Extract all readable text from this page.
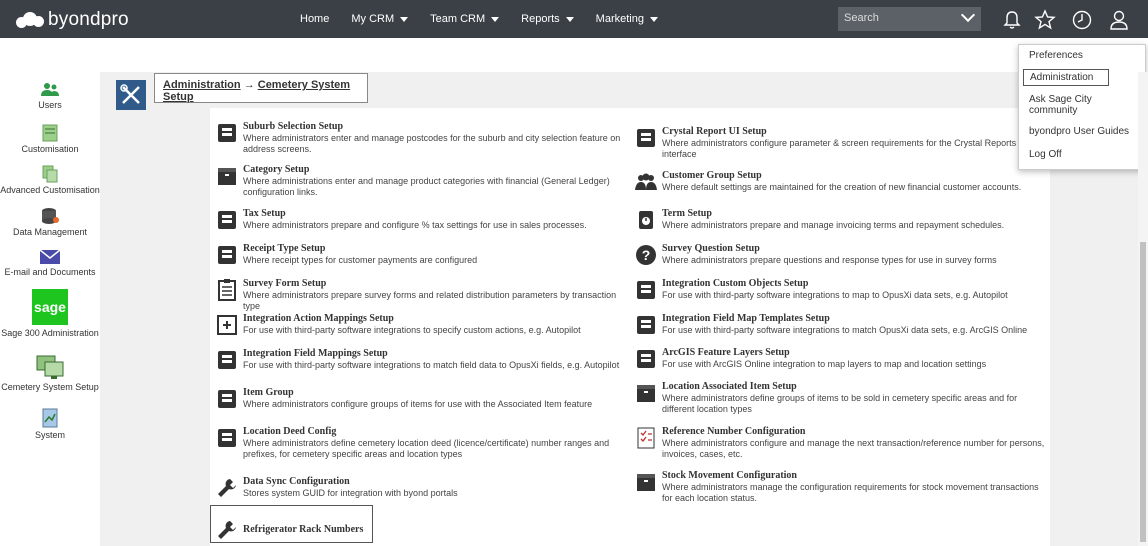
byondpro	Home My CRM	Team CRM	Reports	Marketing	Search
Users
Customisation
Advanced Customisation
Data Management
E-mail and Documents
sage
Sage 300 Administration
Cemetery System Setup
System
Administration → Cemetery System Setup
Suburb Selection Setup
Where administrators enter and manage postcodes for the suburb and city selection feature on address screens.
Category Setup
Where administrations enter and manage product categories with financial (General Ledger) configuration links.
Tax Setup
Where administrators prepare and configure % tax settings for use in sales processes.
Receipt Type Setup
Where receipt types for customer payments are configured
Survey Form Setup
Where administrators prepare survey forms and related distribution parameters by transaction type
Integration Action Mappings Setup
For use with third-party software integrations to specify custom actions, e.g. Autopilot
Integration Field Mappings Setup
For use with third-party software integrations to match field data to OpusXi fields, e.g. Autopilot
Item Group
Where administrators configure groups of items for use with the Associated Item feature
Location Deed Config
Where administrators define cemetery location deed (licence/certificate) number ranges and prefixes, for cemetery specific areas and location types
Data Sync Configuration
Stores system GUID for integration with byond portals
Refrigerator Rack Numbers
Crystal Report UI Setup
Where administrators configure parameter & screen requirements for the Crystal Reports interface
Customer Group Setup
Where default settings are maintained for the creation of new financial customer accounts.
Term Setup
Where administrators prepare and manage invoicing terms and repayment schedules.
? Survey Question Setup
Where administrators prepare questions and response types for use in survey forms
Integration Custom Objects Setup
For use with third-party software integrations to map to OpusXi data sets, e.g. Autopilot
Integration Field Map Templates Setup
For use with third-party software integrations to match OpusXi data sets, e.g. ArcGIS Online
ArcGIS Feature Layers Setup
For use with ArcGIS Online integration to map layers to map and location settings
Location Associated Item Setup
Where administrators define groups of items to be sold in cemetery specific areas and for different location types
Reference Number Configuration
Where administrators configure and manage the next transaction/reference number for persons, invoices, cases, etc.
Stock Movement Configuration
Where administrators manage the configuration requirements for stock movement transactions for each location status.
Preferences
Administration
Ask Sage City community
byondpro User Guides
Log Off
